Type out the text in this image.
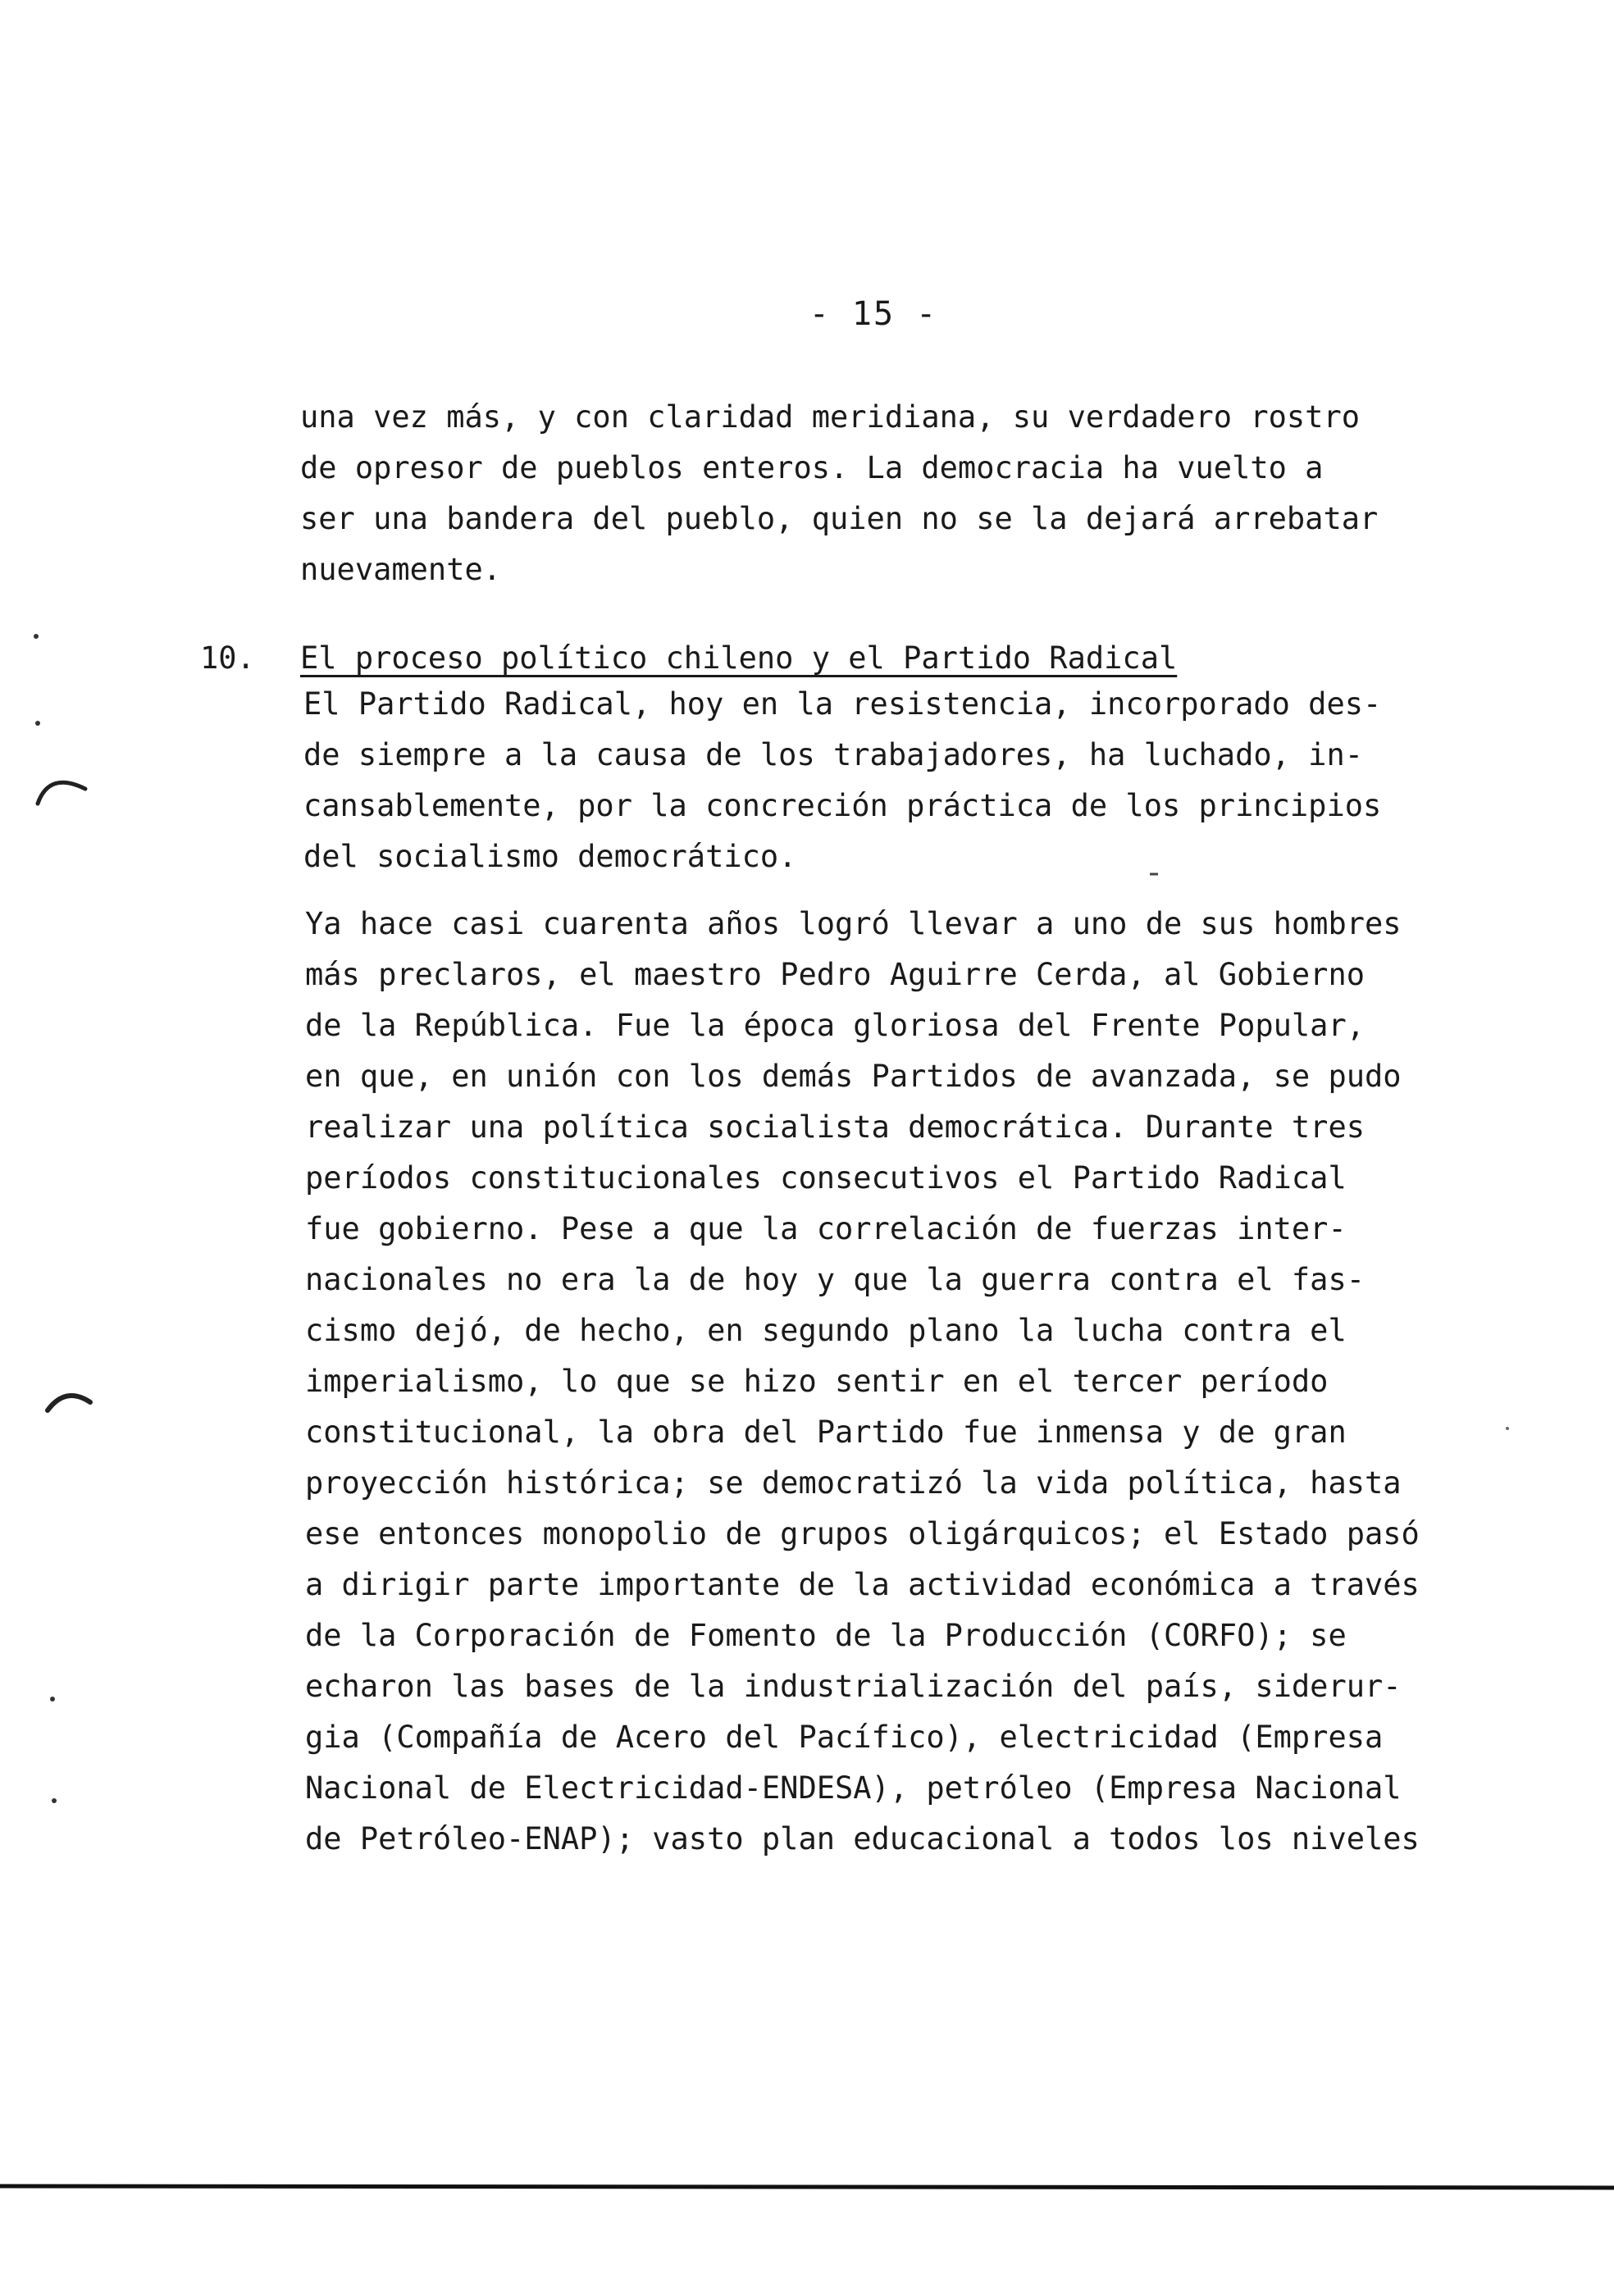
- 15 -
una vez más, y con claridad meridiana, su verdadero rostro
de opresor de pueblos enteros. La democracia ha vuelto a
ser una bandera del pueblo, quien no se la dejará arrebatar
nuevamente.
10. El proceso político chileno y el Partido Radical
El Partido Radical, hoy en la resistencia, incorporado des-
de siempre a la causa de los trabajadores, ha luchado, in-
cansablemente, por la concreción práctica de los principios
del socialismo democrático.
Ya hace casi cuarenta años logró llevar a uno de sus hombres
más preclaros, el maestro Pedro Aguirre Cerda, al Gobierno
de la República. Fue la época gloriosa del Frente Popular,
en que, en unión con los demás Partidos de avanzada, se pudo
realizar una política socialista democrática. Durante tres
períodos constitucionales consecutivos el Partido Radical
fue gobierno. Pese a que la correlación de fuerzas inter-
nacionales no era la de hoy y que la guerra contra el fas-
cismo dejó, de hecho, en segundo plano la lucha contra el
imperialismo, lo que se hizo sentir en el tercer período
constitucional, la obra del Partido fue inmensa y de gran
proyección histórica; se democratizó la vida política, hasta
ese entonces monopolio de grupos oligárquicos; el Estado pasó
a dirigir parte importante de la actividad económica a través
de la Corporación de Fomento de la Producción (CORFO); se
echaron las bases de la industrialización del país, siderur-
gia (Compañía de Acero del Pacífico), electricidad (Empresa
Nacional de Electricidad-ENDESA), petróleo (Empresa Nacional
de Petróleo-ENAP); vasto plan educacional a todos los niveles
